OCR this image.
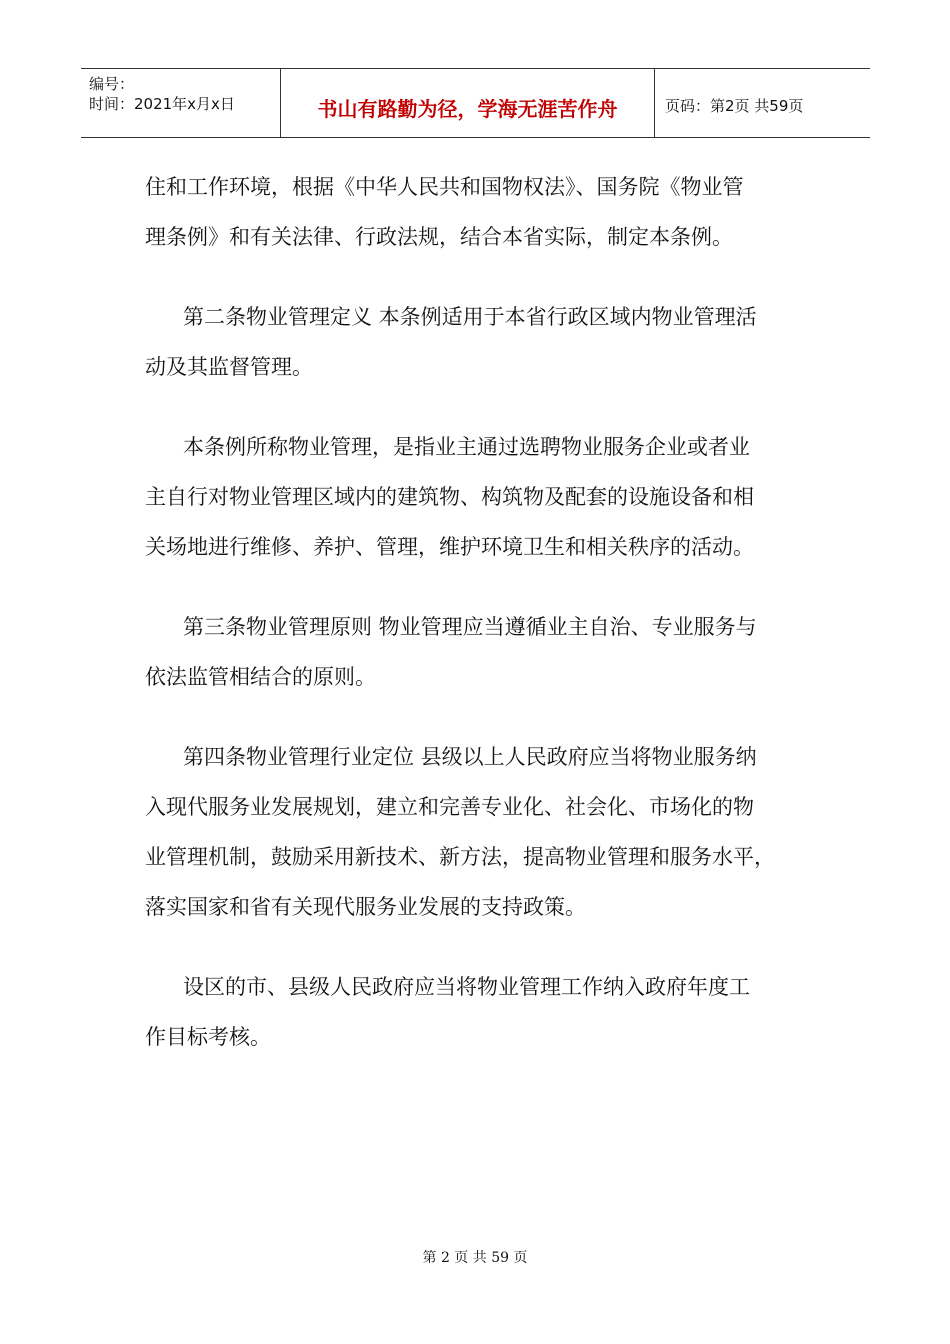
编号：
时间：2021年x月x日	书山有路勤为径，学海无涯苦作舟	页码：第2页 共59页

住和工作环境，根据《中华人民共和国物权法》、国务院《物业管
理条例》和有关法律、行政法规，结合本省实际，制定本条例。

第二条物业管理定义 本条例适用于本省行政区域内物业管理活
动及其监督管理。

本条例所称物业管理，是指业主通过选聘物业服务企业或者业
主自行对物业管理区域内的建筑物、构筑物及配套的设施设备和相
关场地进行维修、养护、管理，维护环境卫生和相关秩序的活动。

第三条物业管理原则 物业管理应当遵循业主自治、专业服务与
依法监管相结合的原则。

第四条物业管理行业定位 县级以上人民政府应当将物业服务纳
入现代服务业发展规划，建立和完善专业化、社会化、市场化的物
业管理机制，鼓励采用新技术、新方法，提高物业管理和服务水平，
落实国家和省有关现代服务业发展的支持政策。

设区的市、县级人民政府应当将物业管理工作纳入政府年度工
作目标考核。

第 2 页 共 59 页
